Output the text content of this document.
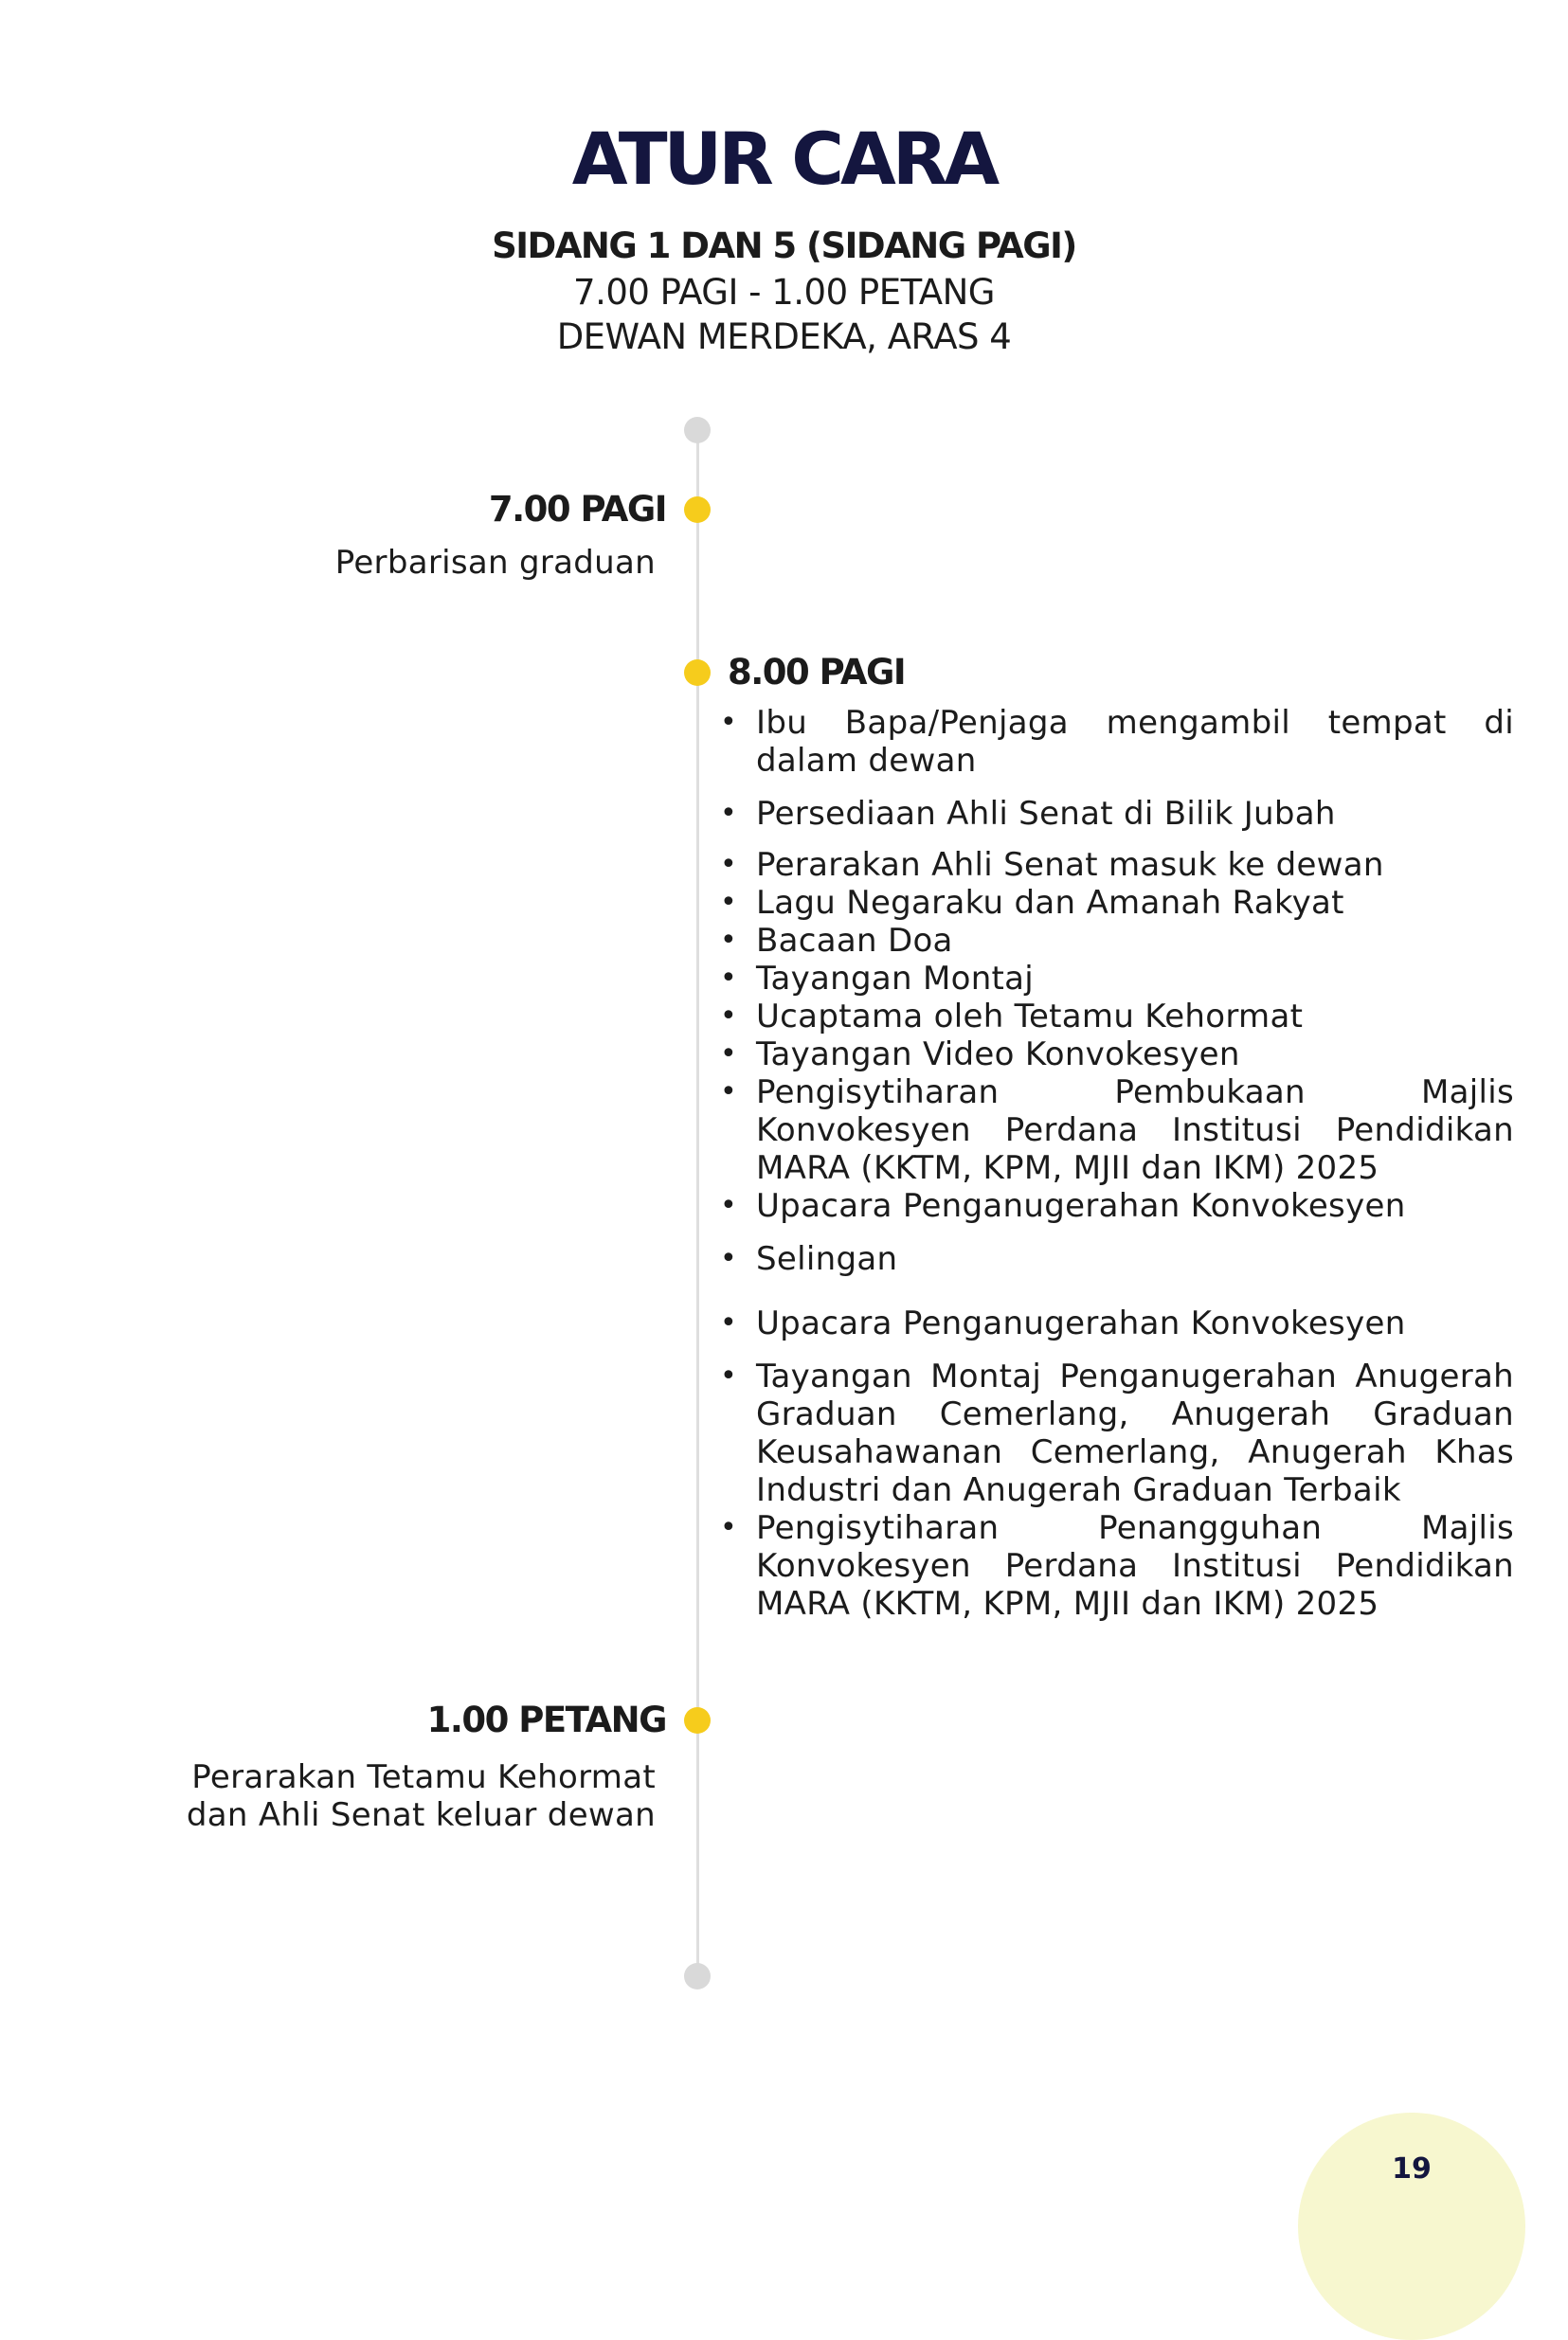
ATUR CARA
SIDANG 1 DAN 5 (SIDANG PAGI)
7.00 PAGI - 1.00 PETANG
DEWAN MERDEKA, ARAS 4
7.00 PAGI
Perbarisan graduan
8.00 PAGI
• Ibu Bapa/Penjaga mengambil tempat di dalam dewan
• Persediaan Ahli Senat di Bilik Jubah
• Perarakan Ahli Senat masuk ke dewan
• Lagu Negaraku dan Amanah Rakyat
• Bacaan Doa
• Tayangan Montaj
• Ucaptama oleh Tetamu Kehormat
• Tayangan Video Konvokesyen
• Pengisytiharan Pembukaan Majlis Konvokesyen Perdana Institusi Pendidikan MARA (KKTM, KPM, MJII dan IKM) 2025
• Upacara Penganugerahan Konvokesyen
• Selingan
• Upacara Penganugerahan Konvokesyen
• Tayangan Montaj Penganugerahan Anugerah Graduan Cemerlang, Anugerah Graduan Keusahawanan Cemerlang, Anugerah Khas Industri dan Anugerah Graduan Terbaik
• Pengisytiharan Penangguhan Majlis Konvokesyen Perdana Institusi Pendidikan MARA (KKTM, KPM, MJII dan IKM) 2025
1.00 PETANG
Perarakan Tetamu Kehormat
dan Ahli Senat keluar dewan
19
